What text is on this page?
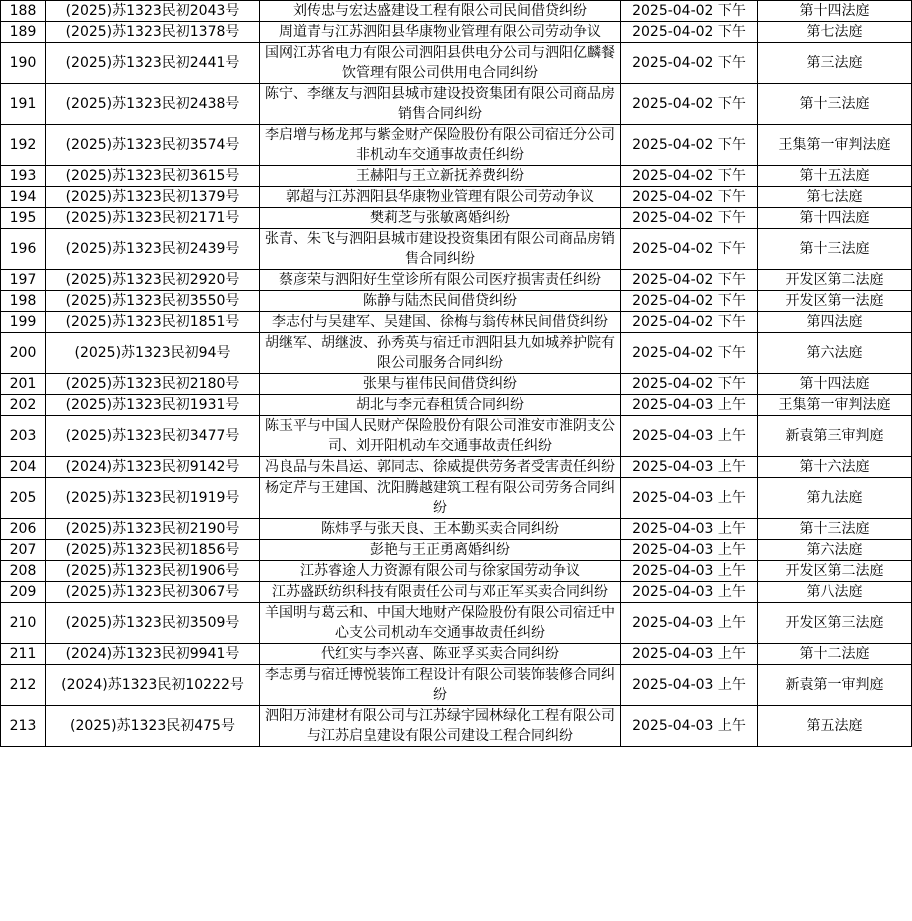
188	(2025)苏1323民初2043号	刘传忠与宏达盛建设工程有限公司民间借贷纠纷	2025-04-02 下午	第十四法庭
189	(2025)苏1323民初1378号	周道青与江苏泗阳县华康物业管理有限公司劳动争议	2025-04-02 下午	第七法庭
190	(2025)苏1323民初2441号	国网江苏省电力有限公司泗阳县供电分公司与泗阳亿麟餐饮管理有限公司供用电合同纠纷	2025-04-02 下午	第三法庭
191	(2025)苏1323民初2438号	陈宁、李继友与泗阳县城市建设投资集团有限公司商品房销售合同纠纷	2025-04-02 下午	第十三法庭
192	(2025)苏1323民初3574号	李启增与杨龙邦与紫金财产保险股份有限公司宿迁分公司非机动车交通事故责任纠纷	2025-04-02 下午	王集第一审判法庭
193	(2025)苏1323民初3615号	王赫阳与王立新抚养费纠纷	2025-04-02 下午	第十五法庭
194	(2025)苏1323民初1379号	郭超与江苏泗阳县华康物业管理有限公司劳动争议	2025-04-02 下午	第七法庭
195	(2025)苏1323民初2171号	樊莉芝与张敏离婚纠纷	2025-04-02 下午	第十四法庭
196	(2025)苏1323民初2439号	张青、朱飞与泗阳县城市建设投资集团有限公司商品房销售合同纠纷	2025-04-02 下午	第十三法庭
197	(2025)苏1323民初2920号	蔡彦荣与泗阳好生堂诊所有限公司医疗损害责任纠纷	2025-04-02 下午	开发区第二法庭
198	(2025)苏1323民初3550号	陈静与陆杰民间借贷纠纷	2025-04-02 下午	开发区第一法庭
199	(2025)苏1323民初1851号	李志付与吴建军、吴建国、徐梅与翁传林民间借贷纠纷	2025-04-02 下午	第四法庭
200	(2025)苏1323民初94号	胡继军、胡继波、孙秀英与宿迁市泗阳县九如城养护院有限公司服务合同纠纷	2025-04-02 下午	第六法庭
201	(2025)苏1323民初2180号	张果与崔伟民间借贷纠纷	2025-04-02 下午	第十四法庭
202	(2025)苏1323民初1931号	胡北与李元春租赁合同纠纷	2025-04-03 上午	王集第一审判法庭
203	(2025)苏1323民初3477号	陈玉平与中国人民财产保险股份有限公司淮安市淮阴支公司、刘开阳机动车交通事故责任纠纷	2025-04-03 上午	新袁第三审判庭
204	(2024)苏1323民初9142号	冯良品与朱昌运、郭同志、徐威提供劳务者受害责任纠纷	2025-04-03 上午	第十六法庭
205	(2025)苏1323民初1919号	杨定芹与王建国、沈阳腾越建筑工程有限公司劳务合同纠纷	2025-04-03 上午	第九法庭
206	(2025)苏1323民初2190号	陈炜孚与张天良、王本勤买卖合同纠纷	2025-04-03 上午	第十三法庭
207	(2025)苏1323民初1856号	彭艳与王正勇离婚纠纷	2025-04-03 上午	第六法庭
208	(2025)苏1323民初1906号	江苏睿途人力资源有限公司与徐家国劳动争议	2025-04-03 上午	开发区第二法庭
209	(2025)苏1323民初3067号	江苏盛跃纺织科技有限责任公司与邓正军买卖合同纠纷	2025-04-03 上午	第八法庭
210	(2025)苏1323民初3509号	羊国明与葛云和、中国大地财产保险股份有限公司宿迁中心支公司机动车交通事故责任纠纷	2025-04-03 上午	开发区第三法庭
211	(2024)苏1323民初9941号	代红实与李兴喜、陈亚孚买卖合同纠纷	2025-04-03 上午	第十二法庭
212	(2024)苏1323民初10222号	李志勇与宿迁博悦装饰工程设计有限公司装饰装修合同纠纷	2025-04-03 上午	新袁第一审判庭
213	(2025)苏1323民初475号	泗阳万沛建材有限公司与江苏绿宇园林绿化工程有限公司与江苏启皇建设有限公司建设工程合同纠纷	2025-04-03 上午	第五法庭
